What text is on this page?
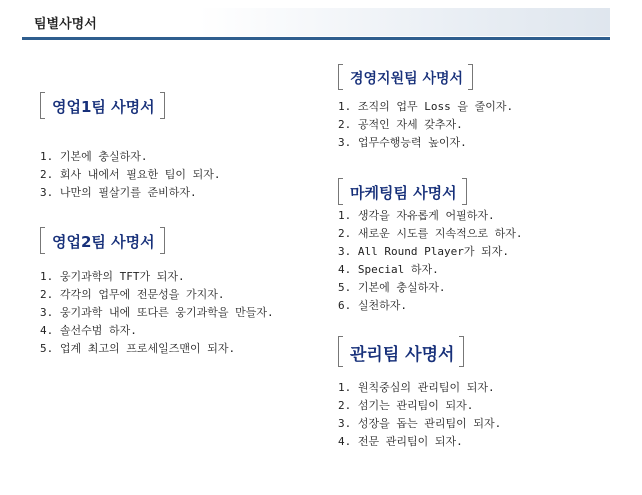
팀별사명서
영업1팀 사명서
1. 기본에 충실하자.
2. 회사 내에서 필요한 팀이 되자.
3. 나만의 필살기를 준비하자.
영업2팀 사명서
1. 웅기과학의 TFT가 되자.
2. 각각의 업무에 전문성을 가지자.
3. 웅기과학 내에 또다른 웅기과학을 만들자.
4. 솔선수범 하자.
5. 업계 최고의 프로세일즈맨이 되자.
경영지원팀 사명서
1. 조직의 업무 Loss 을 줄이자.
2. 공적인 자세 갖추자.
3. 업무수행능력 높이자.
마케팅팀 사명서
1. 생각을 자유롭게 어필하자.
2. 새로운 시도를 지속적으로 하자.
3. All Round Player가 되자.
4. Special 하자.
5. 기본에 충실하자.
6. 실천하자.
관리팀 사명서
1. 원칙중심의 관리팀이 되자.
2. 섬기는 관리팀이 되자.
3. 성장을 돕는 관리팀이 되자.
4. 전문 관리팀이 되자.
